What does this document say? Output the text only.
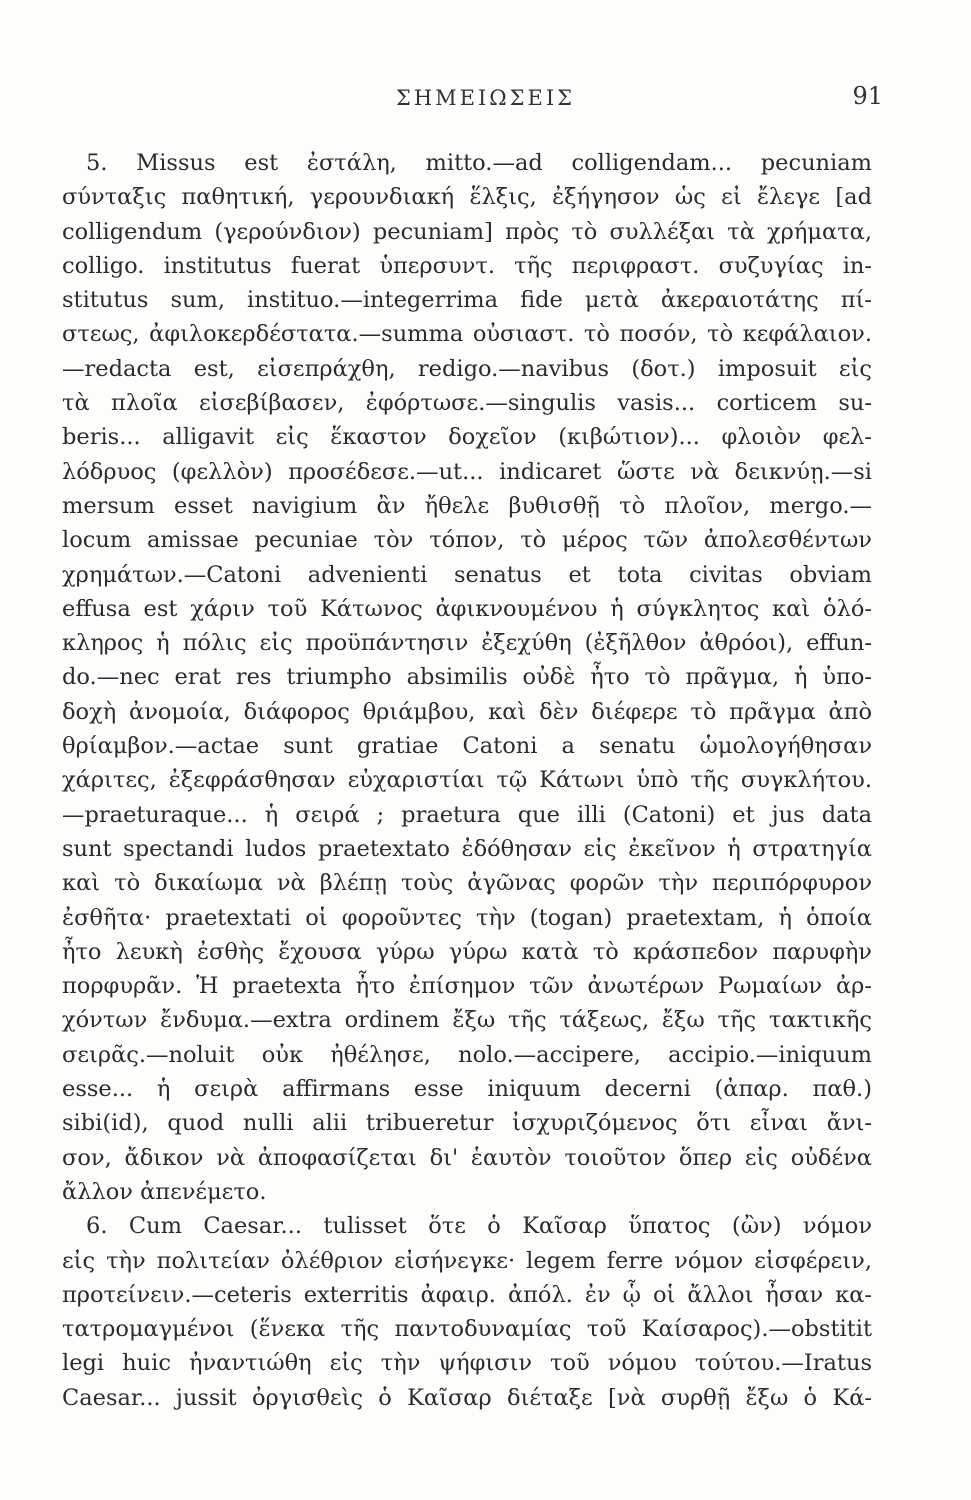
ΣΗΜΕΙΩΣΕΙΣ	91
5. Missus est ἐστάλη, mitto.—ad colligendam... pecuniam
σύνταξις παθητική, γερουνδιακή ἕλξις, ἐξήγησον ὡς εἰ ἔλεγε [ad
colligendum (γερούνδιον) pecuniam] πρὸς τὸ συλλέξαι τὰ χρήματα,
colligo. institutus fuerat ὑπερσυντ. τῆς περιφραστ. συζυγίας in-
stitutus sum, instituo.—integerrima fide μετὰ ἀκεραιοτάτης πί-
στεως, ἀφιλοκερδέστατα.—summa οὐσιαστ. τὸ ποσόν, τὸ κεφάλαιον.
—redacta est, εἰσεπράχθη, redigo.—navibus (δοτ.) imposuit εἰς
τὰ πλοῖα εἰσεβίβασεν, ἐφόρτωσε.—singulis vasis... corticem su-
beris... alligavit εἰς ἕκαστον δοχεῖον (κιβώτιον)... φλοιὸν φελ-
λόδρυος (φελλὸν) προσέδεσε.—ut... indicaret ὥστε νὰ δεικνύῃ.—si
mersum esset navigium ἂν ἤθελε βυθισθῇ τὸ πλοῖον, mergo.—
locum amissae pecuniae τὸν τόπον, τὸ μέρος τῶν ἀπολεσθέντων
χρημάτων.—Catoni advenienti senatus et tota civitas obviam
effusa est χάριν τοῦ Κάτωνος ἀφικνουμένου ἡ σύγκλητος καὶ ὁλό-
κληρος ἡ πόλις εἰς προϋπάντησιν ἐξεχύθη (ἐξῆλθον ἀθρόοι), effun-
do.—nec erat res triumpho absimilis οὐδὲ ἦτο τὸ πρᾶγμα, ἡ ὑπο-
δοχὴ ἀνομοία, διάφορος θριάμβου, καὶ δὲν διέφερε τὸ πρᾶγμα ἀπὸ
θρίαμβον.—actae sunt gratiae Catoni a senatu ὡμολογήθησαν
χάριτες, ἐξεφράσθησαν εὐχαριστίαι τῷ Κάτωνι ὑπὸ τῆς συγκλήτου.
—praeturaque... ἡ σειρά ; praetura que illi (Catoni) et jus data
sunt spectandi ludos praetextato ἐδόθησαν εἰς ἐκεῖνον ἡ στρατηγία
καὶ τὸ δικαίωμα νὰ βλέπῃ τοὺς ἀγῶνας φορῶν τὴν περιπόρφυρον
ἐσθῆτα· praetextati οἱ φοροῦντες τὴν (togan) praetextam, ἡ ὁποία
ἦτο λευκὴ ἐσθὴς ἔχουσα γύρω γύρω κατὰ τὸ κράσπεδον παρυφὴν
πορφυρᾶν. Ἡ praetexta ἦτο ἐπίσημον τῶν ἀνωτέρων Ρωμαίων ἀρ-
χόντων ἔνδυμα.—extra ordinem ἔξω τῆς τάξεως, ἔξω τῆς τακτικῆς
σειρᾶς.—noluit οὐκ ἠθέλησε, nolo.—accipere, accipio.—iniquum
esse... ἡ σειρὰ affirmans esse iniquum decerni (ἀπαρ. παθ.)
sibi(id), quod nulli alii tribueretur ἰσχυριζόμενος ὅτι εἶναι ἄνι-
σον, ἄδικον νὰ ἀποφασίζεται δι' ἑαυτὸν τοιοῦτον ὅπερ εἰς οὐδένα
ἄλλον ἀπενέμετο.
6. Cum Caesar... tulisset ὅτε ὁ Καῖσαρ ὕπατος (ὢν) νόμον
εἰς τὴν πολιτείαν ὀλέθριον εἰσήνεγκε· legem ferre νόμον εἰσφέρειν,
προτείνειν.—ceteris exterritis ἀφαιρ. ἀπόλ. ἐν ᾧ οἱ ἄλλοι ἦσαν κα-
τατρομαγμένοι (ἕνεκα τῆς παντοδυναμίας τοῦ Καίσαρος).—obstitit
legi huic ἠναντιώθη εἰς τὴν ψήφισιν τοῦ νόμου τούτου.—Iratus
Caesar... jussit ὀργισθεὶς ὁ Καῖσαρ διέταξε [νὰ συρθῇ ἔξω ὁ Κά-
